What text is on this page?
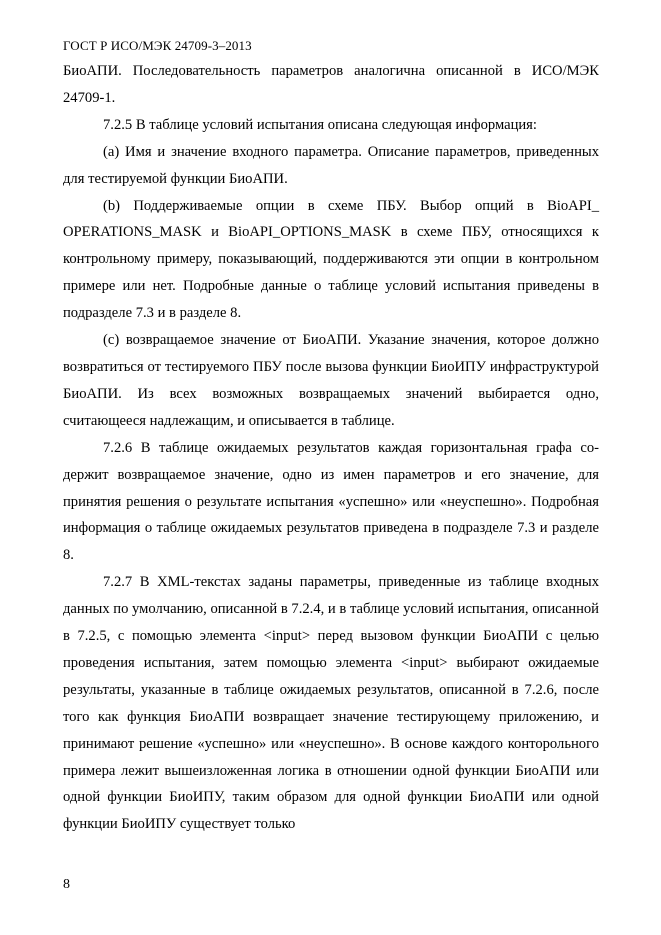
ГОСТ Р ИСО/МЭК 24709-3–2013

БиоАПИ. Последовательность параметров аналогична описанной в ИСО/МЭК 24709-1.

7.2.5 В таблице условий испытания описана следующая информация:

(a) Имя и значение входного параметра. Описание параметров, приведенных для тестируемой функции БиоАПИ.

(b) Поддерживаемые опции в схеме ПБУ. Выбор опций в BioAPI_ OPERATIONS_MASK и BioAPI_OPTIONS_MASK в схеме ПБУ, относящихся к контрольному примеру, показывающий, поддерживаются эти опции в контрольном примере или нет. Подробные данные о таблице условий испытания приведены в подразделе 7.3 и в разделе 8.

(c) возвращаемое значение от БиоАПИ. Указание значения, которое должно возвратиться от тестируемого ПБУ после вызова функции БиоИПУ инфраструктурой БиоАПИ. Из всех возможных возвращаемых значений выбирается одно, считающееся надлежащим, и описывается в таблице.

7.2.6 В таблице ожидаемых результатов каждая горизонтальная графа содержит возвращаемое значение, одно из имен параметров и его значение, для принятия решения о результате испытания «успешно» или «неуспешно». Подробная информация о таблице ожидаемых результатов приведена в подразделе 7.3 и разделе 8.

7.2.7 В XML-текстах заданы параметры, приведенные из таблице входных данных по умолчанию, описанной в 7.2.4, и в таблице условий испытания, описанной в 7.2.5, с помощью элемента <input> перед вызовом функции БиоАПИ с целью проведения испытания, затем помощью элемента <input> выбирают ожидаемые результаты, указанные в таблице ожидаемых результатов, описанной в 7.2.6, после того как функция БиоАПИ возвращает значение тестирующему приложению, и принимают решение «успешно» или «неуспешно». В основе каждого конторольного примера лежит вышеизложенная логика в отношении одной функции БиоАПИ или одной функции БиоИПУ, таким образом для одной функции БиоАПИ или одной функции БиоИПУ существует только

8
